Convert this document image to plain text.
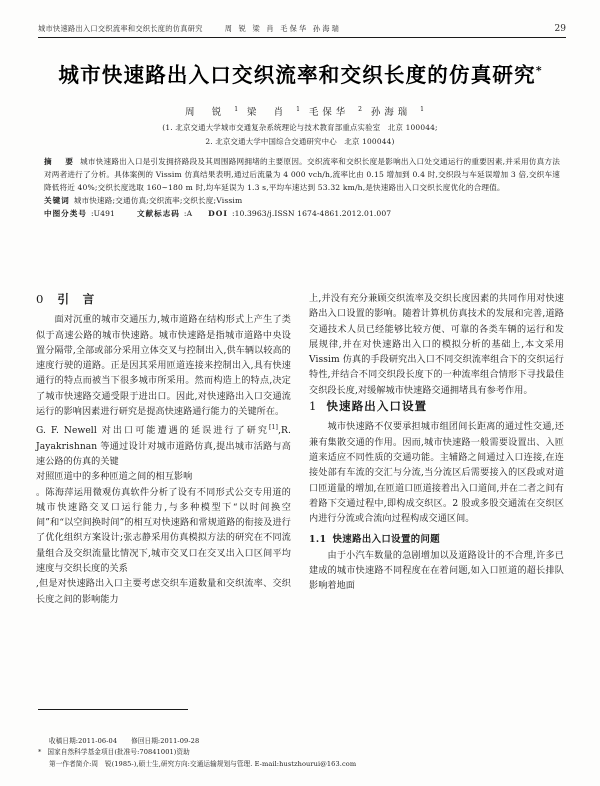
城市快速路出入口交织流率和交织长度的仿真研究	周 锐 梁 肖 毛保华 孙海瑞	29
城市快速路出入口交织流率和交织长度的仿真研究*
周　锐 $^1$ 梁　肖 $^1$ 毛保华 $^2$ 孙海瑞 $^1$
(1. 北京交通大学城市交通复杂系统理论与技术教育部重点实验室　北京 100044;
2. 北京交通大学中国综合交通研究中心　北京 100044)

摘　要 城市快速路出入口是引发拥挤路段及其周围路网拥堵的主要原因。交织流率和交织长度是影响出入口处交通运行的重要因素,并采用仿真方法对两者进行了分析。具体案例的 Vissim 仿真结果表明,通过后流量为 4 000 vch/h,流率比由 0.15 增加到 0.4 时,交织段与车延误增加 3 倍,交织车速降低将近 40%;交织长度选取 160~180 m 时,均车延误为 1.3 s,平均车速达到 53.32 km/h,是快速路出入口交织长度优化的合理值。

关键词 城市快速路;交通仿真;交织流率;交织长度;Vissim

中图分类号 :U491	文献标志码 :A DOI :10.3963/j.ISSN 1674-4861.2012.01.007

0 引　言

面对沉重的城市交通压力,城市道路在结构形式上产生了类似于高速公路的城市快速路。城市快速路是指城市道路中央设置分隔带,全部或部分采用立体交叉与控制出入,供车辆以较高的速度行驶的道路。正是因其采用匝道连接来控制出入,具有快速通行的特点而被当下很多城市所采用。然而构造上的特点,决定了城市快速路交通受限于进出口。因此,对快速路出入口交通流运行的影响因素进行研究是提高快速路通行能力的关键所在。

G. F. Newell 对出口可能遭遇的延误进行了研究[1],R. Jayakrishnan 等通过设计对城市道路仿真,提出城市活路与高速公路的仿真的关键

对照匝道中的多种匝道之间的相互影响

。陈海萍运用微观仿真软件分析了设有不同形式公交专用道的城市快速路交叉口运行能力,与多种模型下“以时间换空间”和“以空间换时间”的相互对快速路和常规道路的衔接及进行了优化组织方案设计;张志静采用仿真模拟方法的研究在不同流量组合及交织流量比情况下,城市交叉口在交叉出入口区间平均速度与交织长度的关系

,但是对快速路出入口主要考虑交织车道数量和交织流率、交织长度之间的影响能力

上,并没有充分兼顾交织流率及交织长度因素的共同作用对快速路出入口设置的影响。随着计算机仿真技术的发展和完善,道路交通技术人员已经能够比较方便、可靠的各类车辆的运行和发展规律,并在对快速路出入口的模拟分析的基础上,本文采用 Vissim 仿真的手段研究出入口不同交织流率组合下的交织运行特性,并结合不同交织段长度下的一种流率组合情形下寻找最佳交织段长度,对缓解城市快速路交通拥堵具有参考作用。

1 快速路出入口设置

城市快速路不仅要承担城市组团间长距离的通过性交通,还兼有集散交通的作用。因而,城市快速路一般需要设置出、入匝道来适应不同性质的交通功能。主辅路之间通过入口连接,在连接处部有车流的交汇与分流,当分流区后需要接入的区段或对道口匝道量的增加,在匝道口匝道接着出入口道间,并在二者之间有着路下交通过程中,即构成交织区。2 股或多股交通流在交织区内进行分流或合流向过程构成交通区间。

1.1 快速路出入口设置的问题

由于小汽车数量的急剧增加以及道路设计的不合理,许多已建成的城市快速路不同程度在在着问题,如入口匝道的超长排队影响着地面

收稿日期:2011-06-04 修回日期:2011-09-28
* 国家自然科学基金项目(批准号:70841001)资助
第一作者简介:周　锐(1985-),硕士生,研究方向:交通运输规划与管理. E-mail:hustzhourui@163.com
